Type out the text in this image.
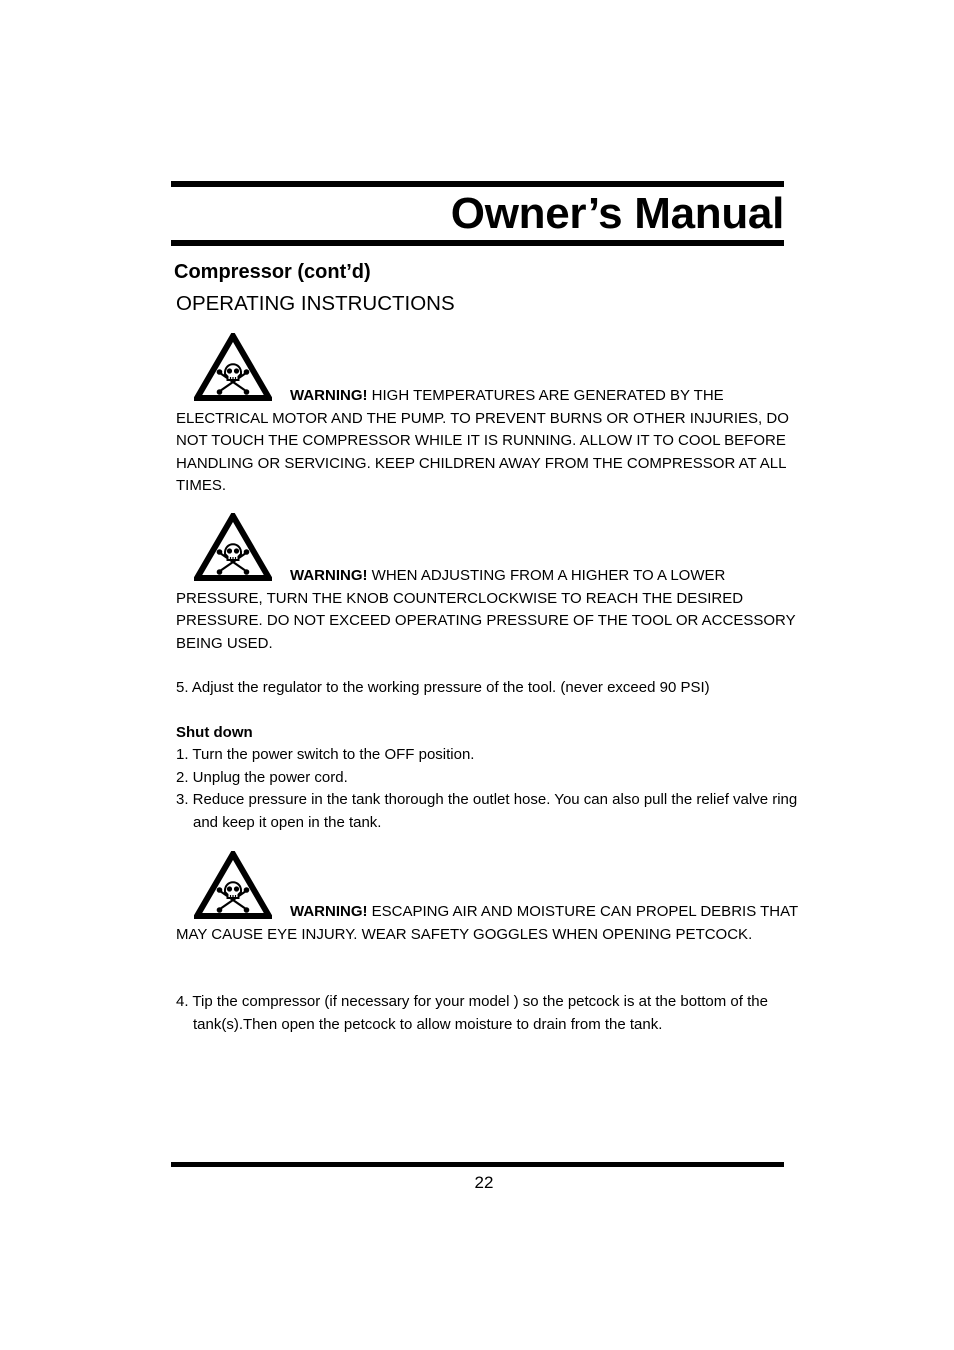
Owner’s Manual
Compressor (cont’d)
OPERATING INSTRUCTIONS

WARNING! HIGH TEMPERATURES ARE GENERATED BY THE ELECTRICAL MOTOR AND THE PUMP. TO PREVENT BURNS OR OTHER INJURIES, DO NOT TOUCH THE COMPRESSOR WHILE IT IS RUNNING. ALLOW IT TO COOL BEFORE HANDLING OR SERVICING. KEEP CHILDREN AWAY FROM THE COMPRESSOR AT ALL TIMES.

WARNING! WHEN ADJUSTING FROM A HIGHER TO A LOWER PRESSURE, TURN THE KNOB COUNTERCLOCKWISE TO REACH THE DESIRED PRESSURE. DO NOT EXCEED OPERATING PRESSURE OF THE TOOL OR ACCESSORY BEING USED.

5. Adjust the regulator to the working pressure of the tool. (never exceed 90 PSI)

Shut down

1. Turn the power switch to the OFF position.

2. Unplug the power cord.

3. Reduce pressure in the tank thorough the outlet hose. You can also pull the relief valve ring and keep it open in the tank.

WARNING! ESCAPING AIR AND MOISTURE CAN PROPEL DEBRIS THAT MAY CAUSE EYE INJURY. WEAR SAFETY GOGGLES WHEN OPENING PETCOCK.

4. Tip the compressor (if necessary for your model ) so the petcock is at the bottom of the tank(s).Then open the petcock to allow moisture to drain from the tank.

22
